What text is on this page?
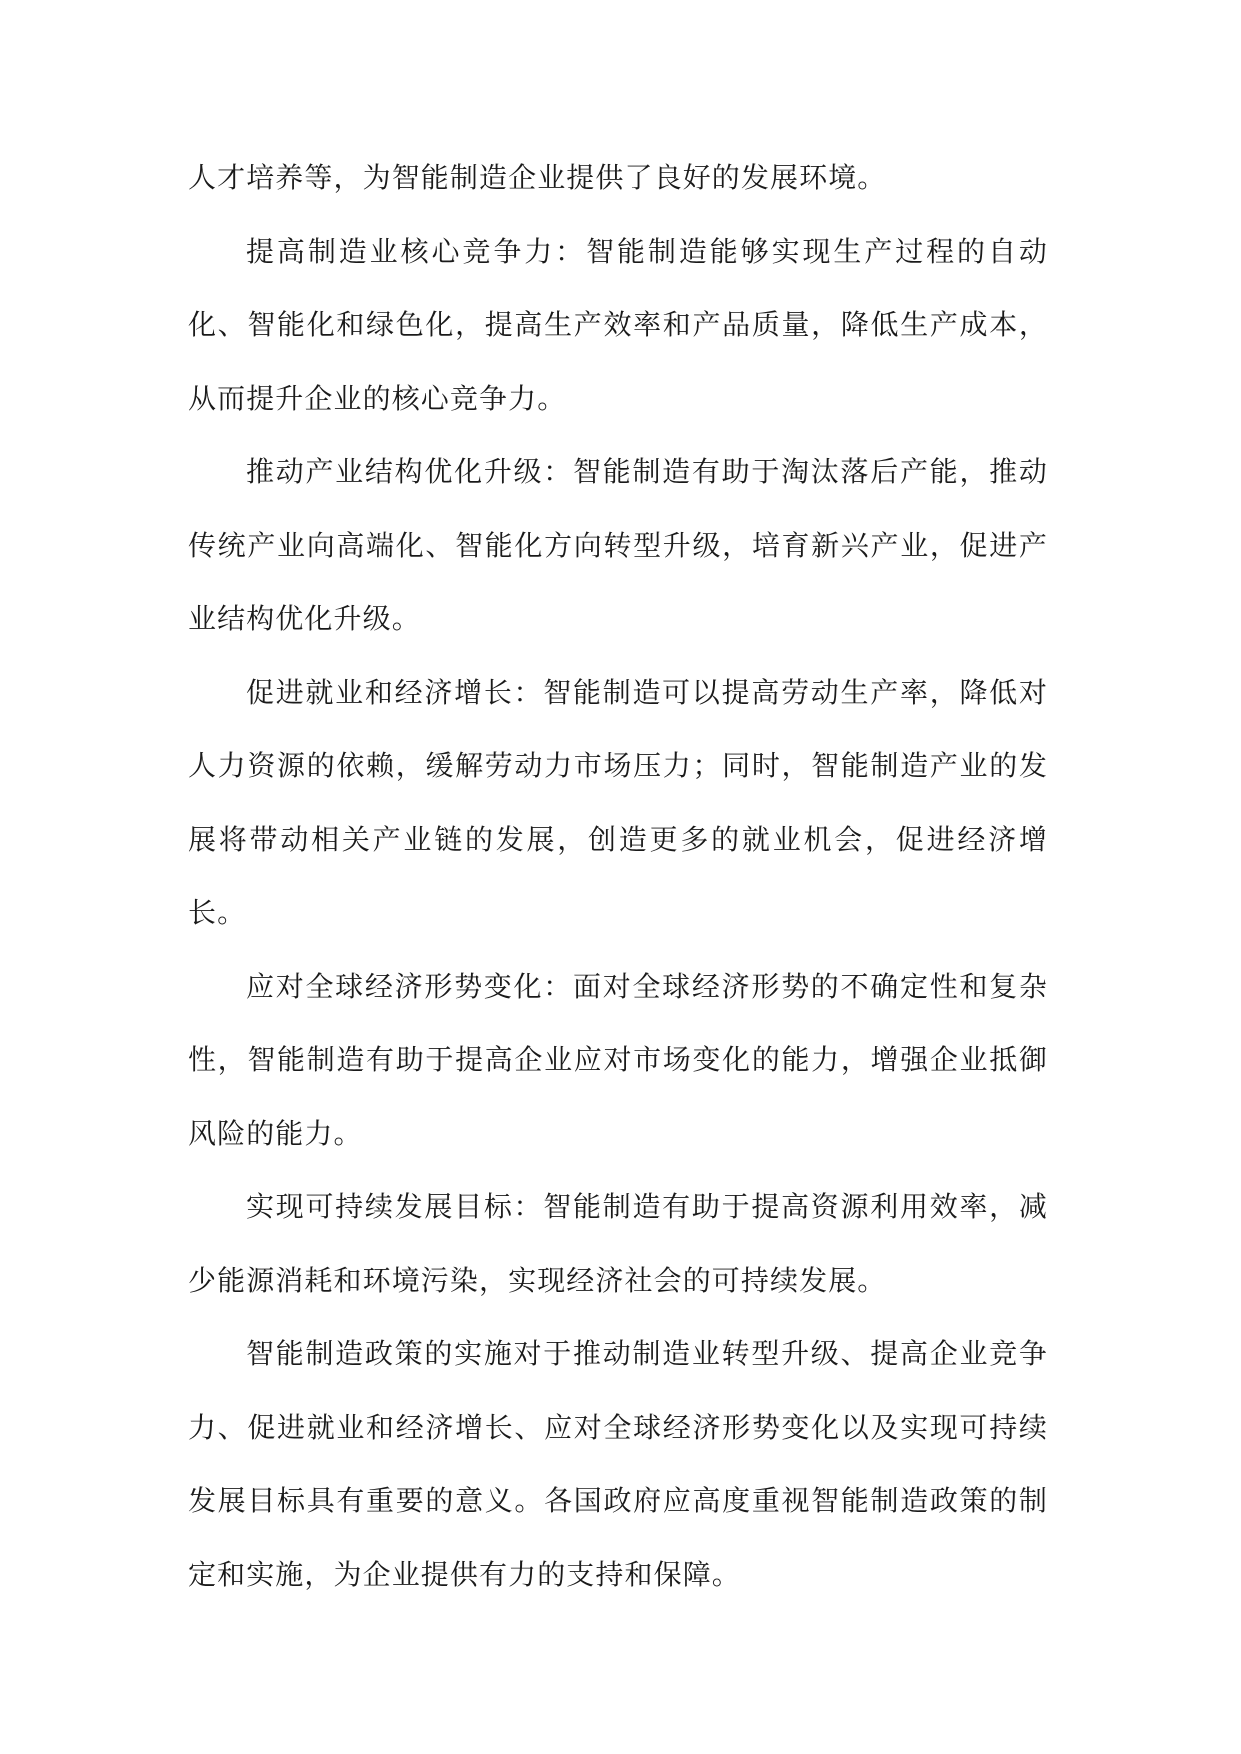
人才培养等，为智能制造企业提供了良好的发展环境。

提高制造业核心竞争力：智能制造能够实现生产过程的自动化、智能化和绿色化，提高生产效率和产品质量，降低生产成本，从而提升企业的核心竞争力。

推动产业结构优化升级：智能制造有助于淘汰落后产能，推动传统产业向高端化、智能化方向转型升级，培育新兴产业，促进产业结构优化升级。

促进就业和经济增长：智能制造可以提高劳动生产率，降低对人力资源的依赖，缓解劳动力市场压力；同时，智能制造产业的发展将带动相关产业链的发展，创造更多的就业机会，促进经济增长。

应对全球经济形势变化：面对全球经济形势的不确定性和复杂性，智能制造有助于提高企业应对市场变化的能力，增强企业抵御风险的能力。

实现可持续发展目标：智能制造有助于提高资源利用效率，减少能源消耗和环境污染，实现经济社会的可持续发展。

智能制造政策的实施对于推动制造业转型升级、提高企业竞争力、促进就业和经济增长、应对全球经济形势变化以及实现可持续发展目标具有重要的意义。各国政府应高度重视智能制造政策的制定和实施，为企业提供有力的支持和保障。
